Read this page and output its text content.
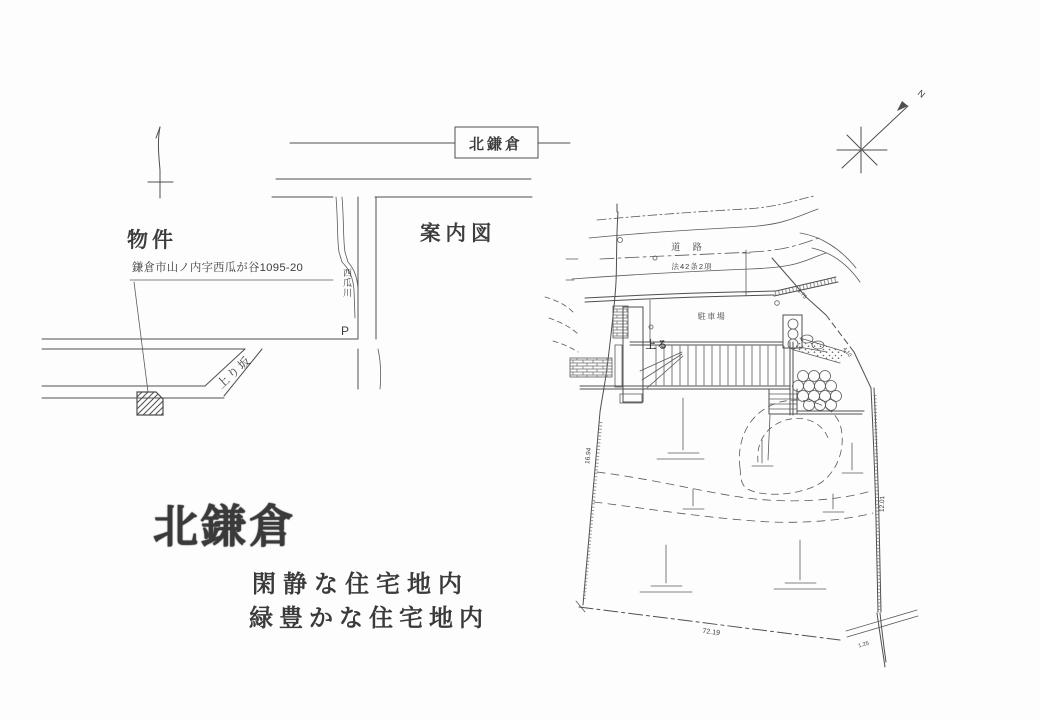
北鎌倉
西瓜川
P
上り坂
案内図
物件
鎌倉市山ノ内字西瓜が谷1095-20
N
道 路
法42条2項
16.94
駐車場
上る
1.75
4.10
12.01
72.19
1.25
北鎌倉
閑静な住宅地内
緑豊かな住宅地内
